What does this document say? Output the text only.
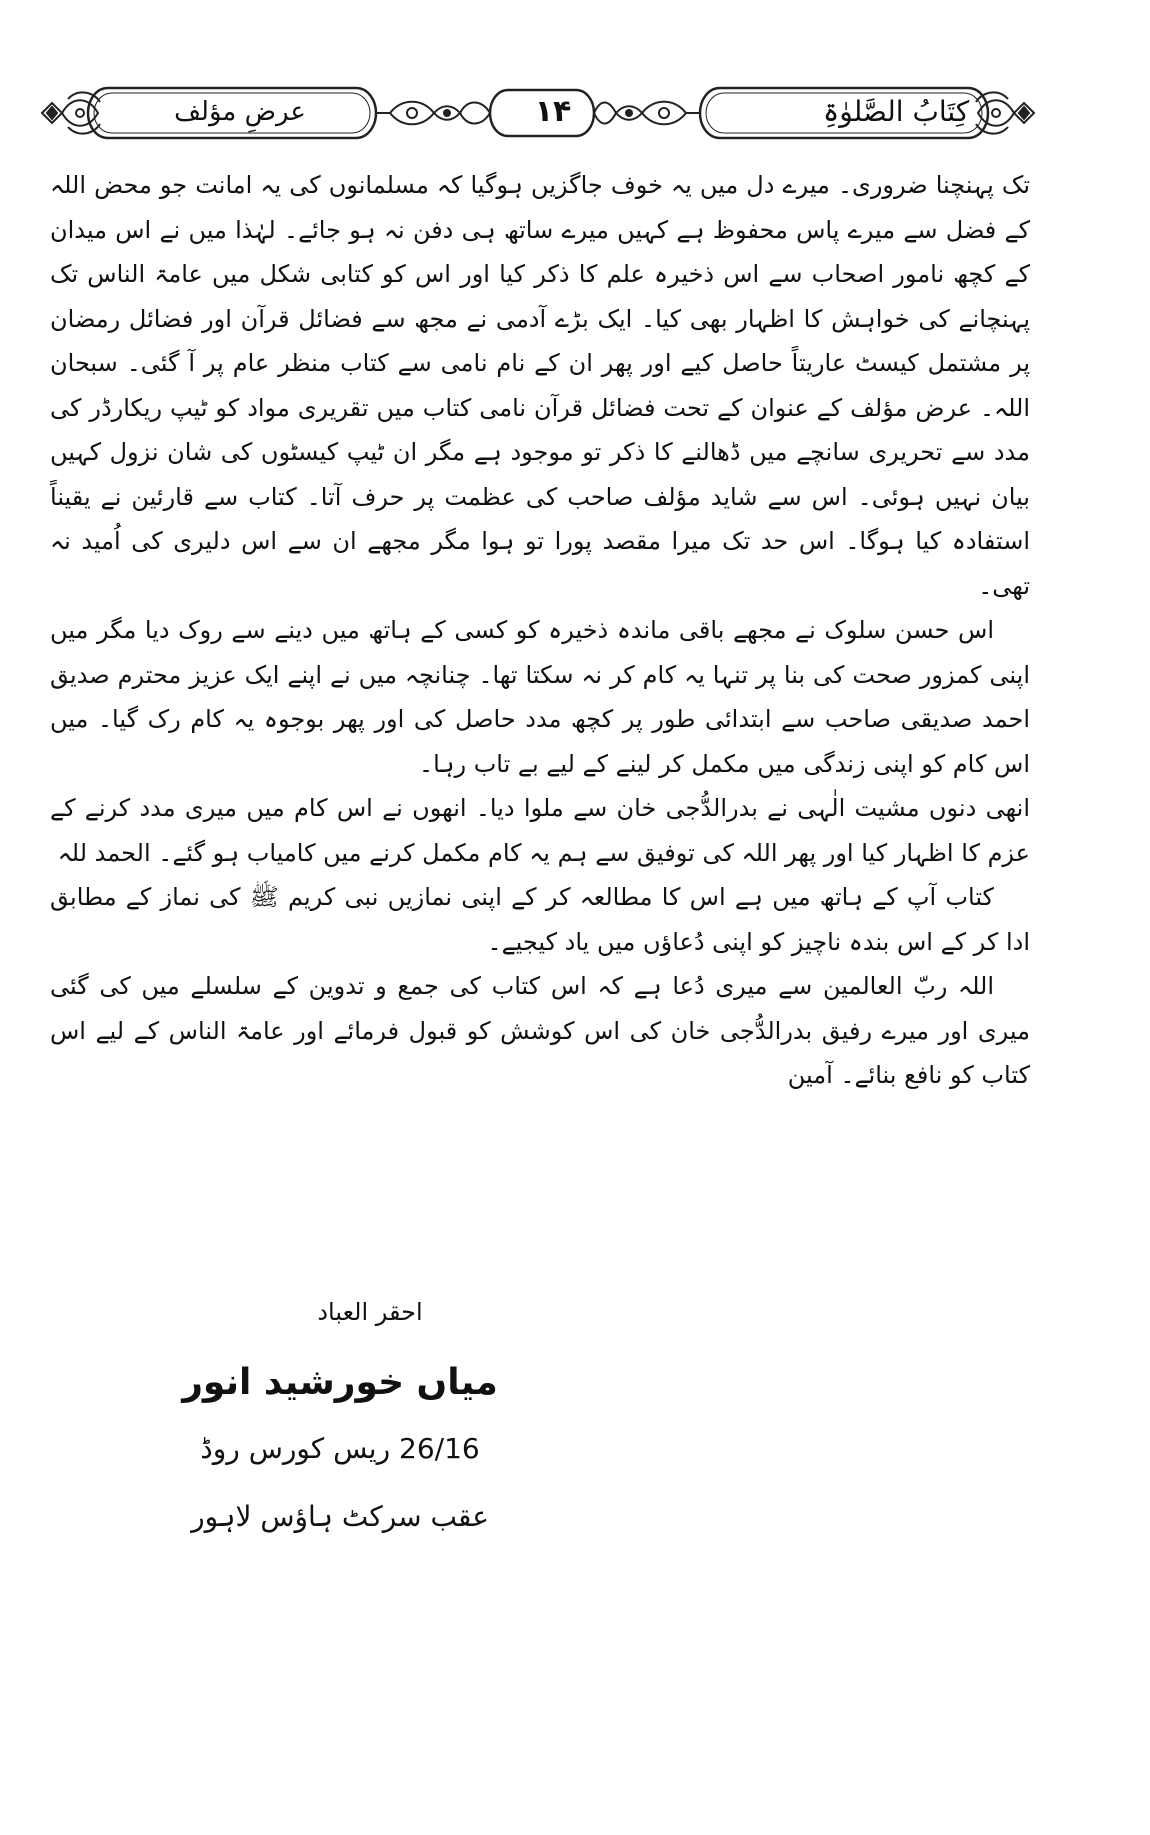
کِتَابُ الصَّلوٰۃِ
۱۴
عرضِ مؤلف

تک پہنچنا ضروری۔ میرے دل میں یہ خوف جاگزیں ہوگیا کہ مسلمانوں کی یہ امانت جو محض اللہ کے فضل سے میرے پاس محفوظ ہے کہیں میرے ساتھ ہی دفن نہ ہو جائے۔ لہٰذا میں نے اس میدان کے کچھ نامور اصحاب سے اس ذخیرہ علم کا ذکر کیا اور اس کو کتابی شکل میں عامۃ الناس تک پہنچانے کی خواہش کا اظہار بھی کیا۔ ایک بڑے آدمی نے مجھ سے فضائل قرآن اور فضائل رمضان پر مشتمل کیسٹ عاریتاً حاصل کیے اور پھر ان کے نام نامی سے کتاب منظر عام پر آ گئی۔ سبحان اللہ۔ عرض مؤلف کے عنوان کے تحت فضائل قرآن نامی کتاب میں تقریری مواد کو ٹیپ ریکارڈر کی مدد سے تحریری سانچے میں ڈھالنے کا ذکر تو موجود ہے مگر ان ٹیپ کیسٹوں کی شان نزول کہیں بیان نہیں ہوئی۔ اس سے شاید مؤلف صاحب کی عظمت پر حرف آتا۔ کتاب سے قارئین نے یقیناً استفادہ کیا ہوگا۔ اس حد تک میرا مقصد پورا تو ہوا مگر مجھے ان سے اس دلیری کی اُمید نہ تھی۔

اس حسن سلوک نے مجھے باقی ماندہ ذخیرہ کو کسی کے ہاتھ میں دینے سے روک دیا مگر میں اپنی کمزور صحت کی بنا پر تنہا یہ کام کر نہ سکتا تھا۔ چنانچہ میں نے اپنے ایک عزیز محترم صدیق احمد صدیقی صاحب سے ابتدائی طور پر کچھ مدد حاصل کی اور پھر بوجوہ یہ کام رک گیا۔ میں اس کام کو اپنی زندگی میں مکمل کر لینے کے لیے بے تاب رہا۔

انھی دنوں مشیت الٰہی نے بدرالدُّجی خان سے ملوا دیا۔ انھوں نے اس کام میں میری مدد کرنے کے عزم کا اظہار کیا اور پھر اللہ کی توفیق سے ہم یہ کام مکمل کرنے میں کامیاب ہو گئے۔ الحمد للہ

کتاب آپ کے ہاتھ میں ہے اس کا مطالعہ کر کے اپنی نمازیں نبی کریم ﷺ کی نماز کے مطابق ادا کر کے اس بندہ ناچیز کو اپنی دُعاؤں میں یاد کیجیے۔

اللہ ربّ العالمین سے میری دُعا ہے کہ اس کتاب کی جمع و تدوین کے سلسلے میں کی گئی میری اور میرے رفیق بدرالدُّجی خان کی اس کوشش کو قبول فرمائے اور عامۃ الناس کے لیے اس کتاب کو نافع بنائے۔ آمین

احقر العباد
میاں خورشید انور
26/16 ریس کورس روڈ
عقب سرکٹ ہاؤس لاہور
